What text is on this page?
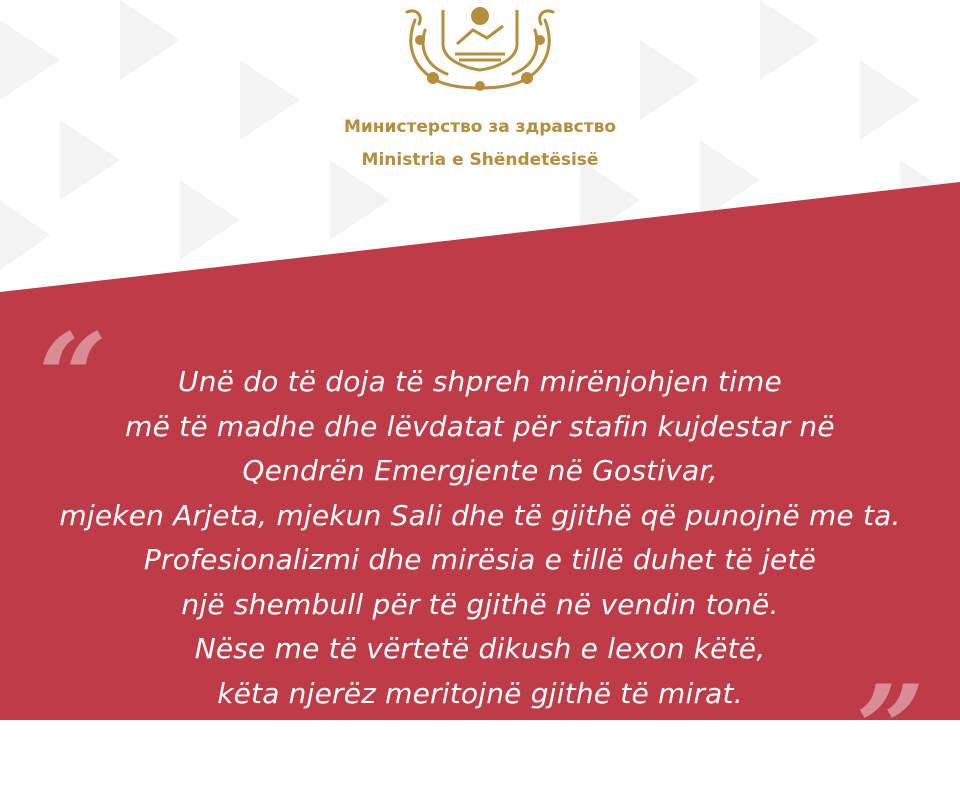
Министерство за здравство
Ministria e Shëndetësisë
“	Unë do të doja të shpreh mirënjohjen time
më të madhe dhe lëvdatat për stafin kujdestar në
Qendrën Emergjente në Gostivar,
mjeken Arjeta, mjekun Sali dhe të gjithë që punojnë me ta.
Profesionalizmi dhe mirësia e tillë duhet të jetë
një shembull për të gjithë në vendin tonë.
Nëse me të vërtetë dikush e lexon këtë,
këta njerëz meritojnë gjithë të mirat. ”
